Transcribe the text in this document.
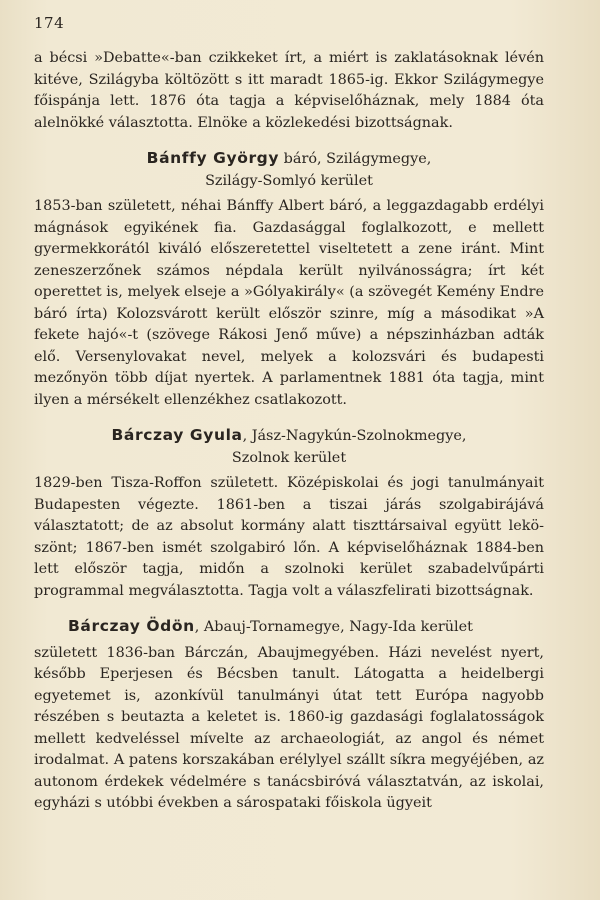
174

a bécsi »Debatte«-ban czikkeket írt, a miért is zaklatásoknak lévén kitéve, Szilágyba költözött s itt maradt 1865-ig. Ekkor Szilágymegye főispánja lett. 1876 óta tagja a képviselőháznak, mely 1884 óta alelnökké választotta. Elnöke a közlekedési bizottságnak.

Bánffy György báró, Szilágymegye,
Szilágy-Somlyó kerület

1853-ban született, néhai Bánffy Albert báró, a leggazdagabb erdélyi mágnások egyikének fia. Gazdasággal foglalkozott, e mellett gyermekkorától kiváló előszeretettel viseltetett a zene iránt. Mint zeneszerzőnek számos népdala került nyilvánosságra; írt két operettet is, melyek elseje a »Gólyakirály« (a szövegét Kemény Endre báró írta) Kolozsvárott került először szinre, míg a másodikat »A fekete hajó«-t (szövege Rákosi Jenő műve) a népszinházban adták elő. Versenylovakat nevel, melyek a kolozsvári és budapesti mezőnyön több díjat nyertek. A parlamentnek 1881 óta tagja, mint ilyen a mérsékelt ellenzékhez csatlakozott.

Bárczay Gyula, Jász-Nagykún-Szolnokmegye,
Szolnok kerület

1829-ben Tisza-Roffon született. Középiskolai és jogi tanulmányait Budapesten végezte. 1861-ben a tiszai járás szolgabirájává választatott; de az absolut kormány alatt tiszttársaival együtt leköszönt; 1867-ben ismét szolgabiró lőn. A képviselőháznak 1884-ben lett először tagja, midőn a szolnoki kerület szabadelvűpárti programmal megválasztotta. Tagja volt a válaszfelirati bizottságnak.

Bárczay Ödön, Abauj-Tornamegye, Nagy-Ida kerület

született 1836-ban Bárczán, Abaujmegyében. Házi nevelést nyert, később Eperjesen és Bécsben tanult. Látogatta a heidelbergi egyetemet is, azonkívül tanulmányi útat tett Európa nagyobb részében s beutazta a keletet is. 1860-ig gazdasági foglalatosságok mellett kedveléssel mívelte az archaeologiát, az angol és német irodalmat. A patens korszakában erélylyel szállt síkra megyéjében, az autonom érdekek védelmére s tanácsbiróvá választatván, az iskolai, egyházi s utóbbi években a sárospataki főiskola ügyeit
